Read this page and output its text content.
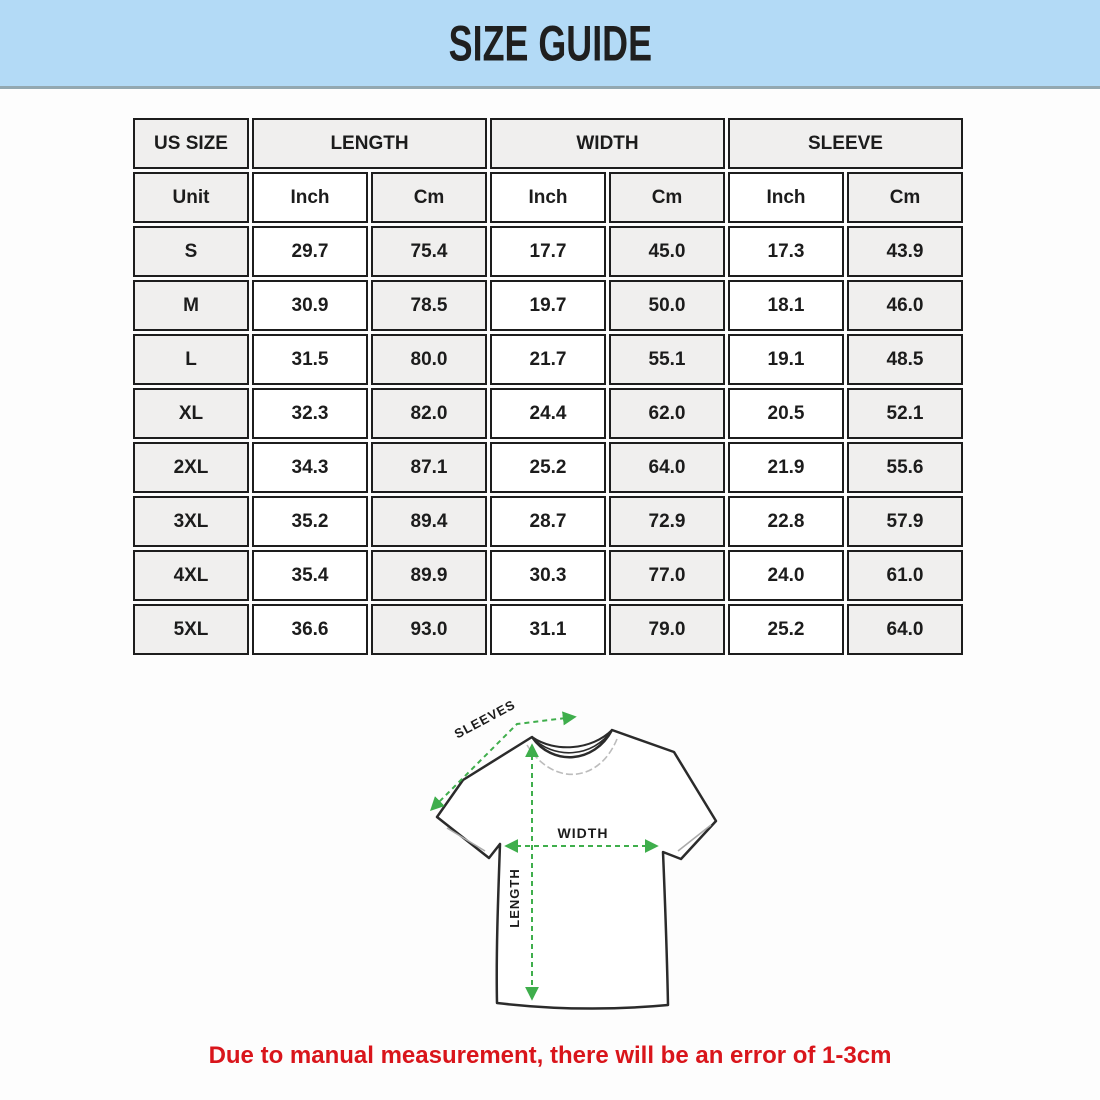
SIZE GUIDE
US SIZE	LENGTH		WIDTH		SLEEVE	
Unit	Inch	Cm	Inch	Cm	Inch	Cm
S	29.7	75.4	17.7	45.0	17.3	43.9
M	30.9	78.5	19.7	50.0	18.1	46.0
L	31.5	80.0	21.7	55.1	19.1	48.5
XL	32.3	82.0	24.4	62.0	20.5	52.1
2XL	34.3	87.1	25.2	64.0	21.9	55.6
3XL	35.2	89.4	28.7	72.9	22.8	57.9
4XL	35.4	89.9	30.3	77.0	24.0	61.0
5XL	36.6	93.0	31.1	79.0	25.2	64.0
SLEEVES
WIDTH
LENGTH
Due to manual measurement, there will be an error of 1-3cm
